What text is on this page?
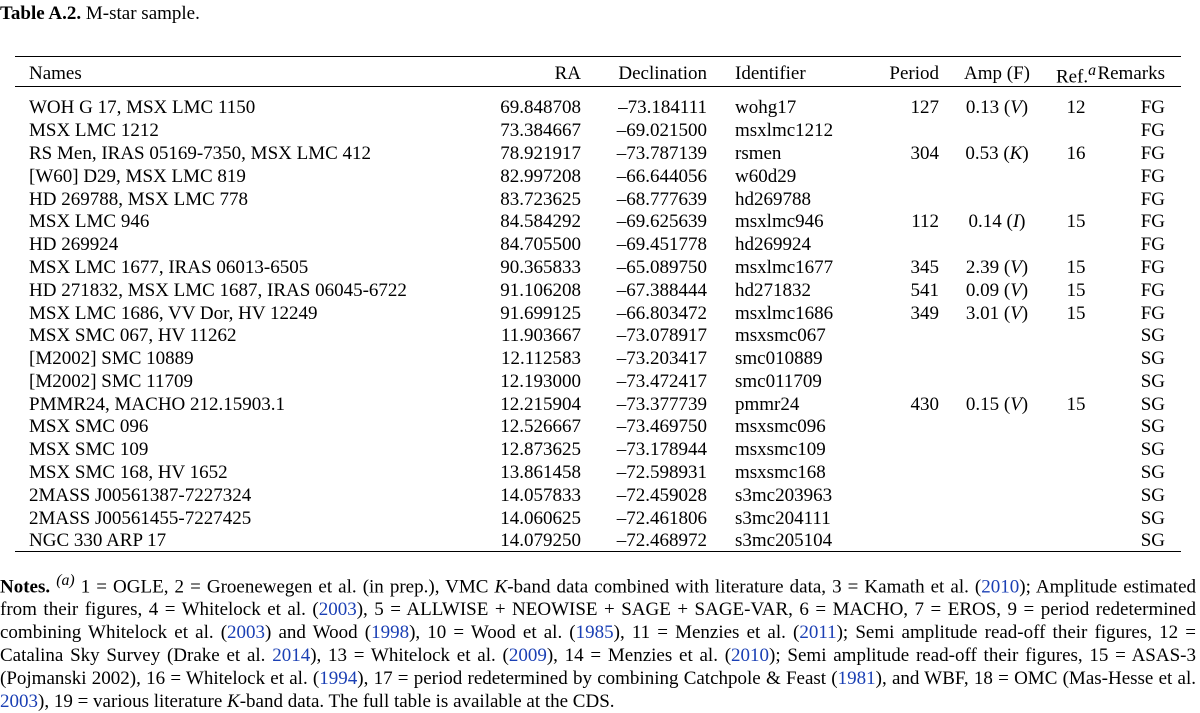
Table A.2. M-star sample.
Names	RA	Declination	Identifier	Period	Amp (F)	Ref.$^a$	Remarks
WOH G 17, MSX LMC 1150	69.848708	–73.184111	wohg17	127	0.13 (V)	12	FG
MSX LMC 1212	73.384667	–69.021500	msxlmc1212				FG
RS Men, IRAS 05169-7350, MSX LMC 412	78.921917	–73.787139	rsmen	304	0.53 (K)	16	FG
[W60] D29, MSX LMC 819	82.997208	–66.644056	w60d29				FG
HD 269788, MSX LMC 778	83.723625	–68.777639	hd269788				FG
MSX LMC 946	84.584292	–69.625639	msxlmc946	112	0.14 (I)	15	FG
HD 269924	84.705500	–69.451778	hd269924				FG
MSX LMC 1677, IRAS 06013-6505	90.365833	–65.089750	msxlmc1677	345	2.39 (V)	15	FG
HD 271832, MSX LMC 1687, IRAS 06045-6722	91.106208	–67.388444	hd271832	541	0.09 (V)	15	FG
MSX LMC 1686, VV Dor, HV 12249	91.699125	–66.803472	msxlmc1686	349	3.01 (V)	15	FG
MSX SMC 067, HV 11262	11.903667	–73.078917	msxsmc067				SG
[M2002] SMC 10889	12.112583	–73.203417	smc010889				SG
[M2002] SMC 11709	12.193000	–73.472417	smc011709				SG
PMMR24, MACHO 212.15903.1	12.215904	–73.377739	pmmr24	430	0.15 (V)	15	SG
MSX SMC 096	12.526667	–73.469750	msxsmc096				SG
MSX SMC 109	12.873625	–73.178944	msxsmc109				SG
MSX SMC 168, HV 1652	13.861458	–72.598931	msxsmc168				SG
2MASS J00561387-7227324	14.057833	–72.459028	s3mc203963				SG
2MASS J00561455-7227425	14.060625	–72.461806	s3mc204111				SG
NGC 330 ARP 17	14.079250	–72.468972	s3mc205104				SG
Notes. $^{(a)}$ 1 = OGLE, 2 = Groenewegen et al. (in prep.), VMC K-band data combined with literature data, 3 = Kamath et al. (2010); Amplitude estimated from their figures, 4 = Whitelock et al. (2003), 5 = ALLWISE + NEOWISE + SAGE + SAGE-VAR, 6 = MACHO, 7 = EROS, 9 = period redetermined combining Whitelock et al. (2003) and Wood (1998), 10 = Wood et al. (1985), 11 = Menzies et al. (2011); Semi amplitude read-off their figures, 12 = Catalina Sky Survey (Drake et al. 2014), 13 = Whitelock et al. (2009), 14 = Menzies et al. (2010); Semi amplitude read-off their figures, 15 = ASAS-3 (Pojmanski 2002), 16 = Whitelock et al. (1994), 17 = period redetermined by combining Catchpole & Feast (1981), and WBF, 18 = OMC (Mas-Hesse et al. 2003), 19 = various literature K-band data. The full table is available at the CDS.
